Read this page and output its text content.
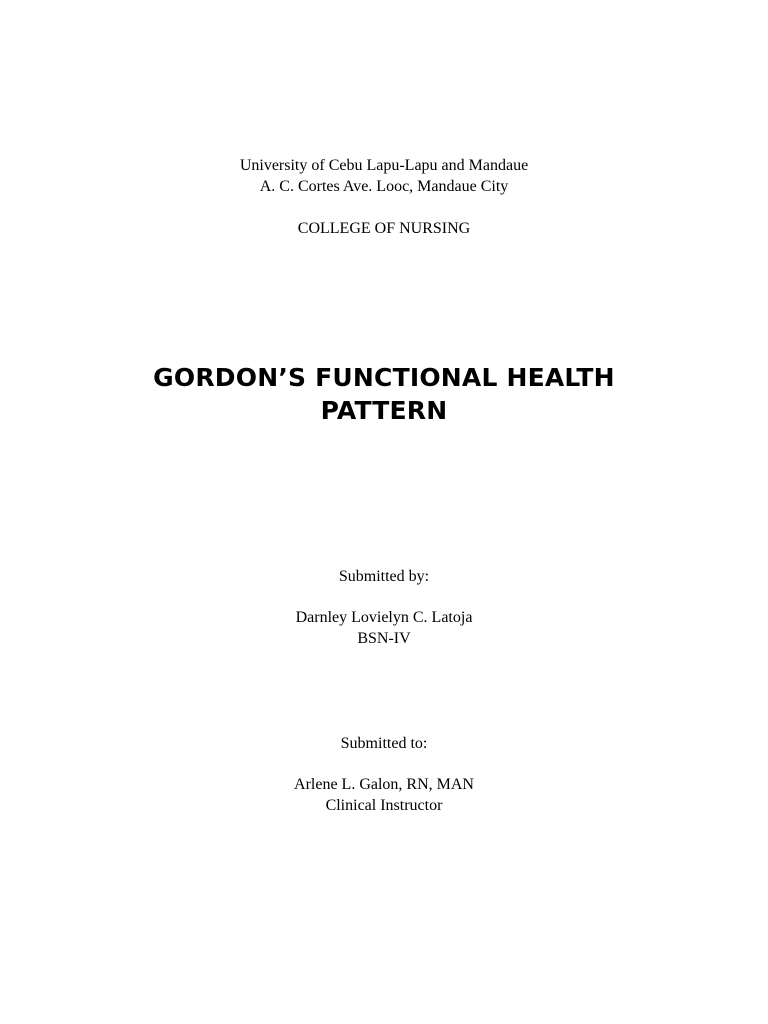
University of Cebu Lapu-Lapu and Mandaue
A. C. Cortes Ave. Looc, Mandaue City
COLLEGE OF NURSING
GORDON’S FUNCTIONAL HEALTH
PATTERN
Submitted by:
Darnley Lovielyn C. Latoja
BSN-IV
Submitted to:
Arlene L. Galon, RN, MAN
Clinical Instructor
